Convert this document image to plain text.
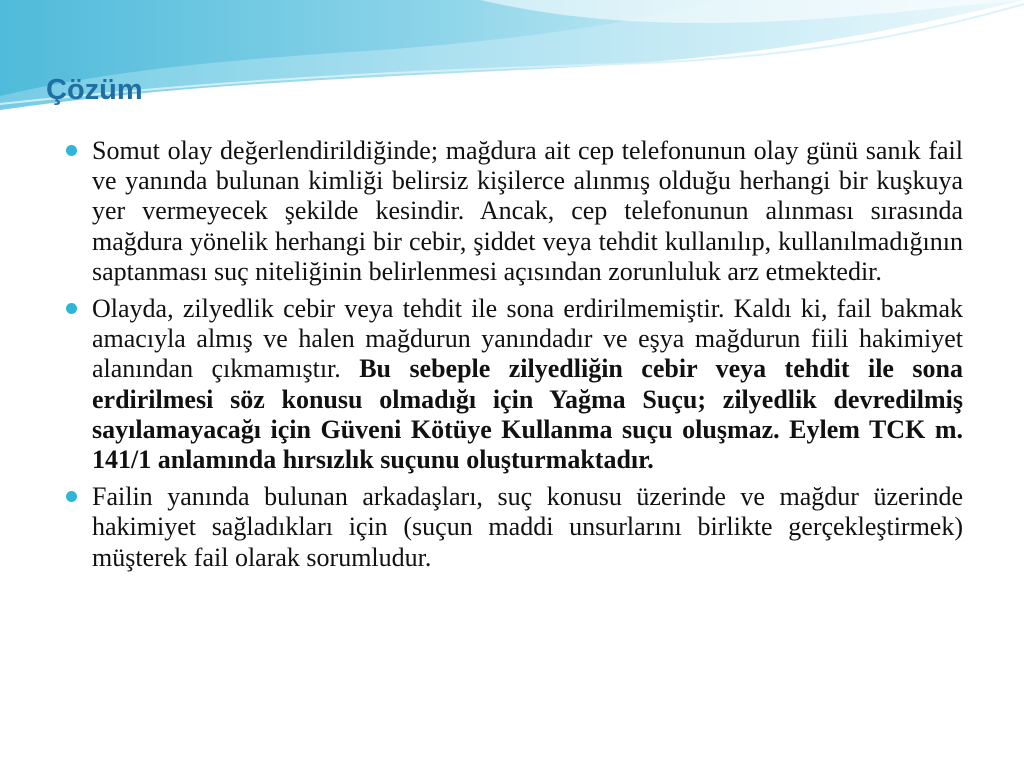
Çözüm
Somut olay değerlendirildiğinde; mağdura ait cep telefonunun olay günü sanık fail ve yanında bulunan kimliği belirsiz kişilerce alınmış olduğu herhangi bir kuşkuya yer vermeyecek şekilde kesindir. Ancak, cep telefonunun alınması sırasında mağdura yönelik herhangi bir cebir, şiddet veya tehdit kullanılıp, kullanılmadığının saptanması suç niteliğinin belirlenmesi açısından zorunluluk arz etmektedir.
Olayda, zilyedlik cebir veya tehdit ile sona erdirilmemiştir. Kaldı ki, fail bakmak amacıyla almış ve halen mağdurun yanındadır ve eşya mağdurun fiili hakimiyet alanından çıkmamıştır. Bu sebeple zilyedliğin cebir veya tehdit ile sona erdirilmesi söz konusu olmadığı için Yağma Suçu; zilyedlik devredilmiş sayılamayacağı için Güveni Kötüye Kullanma suçu oluşmaz. Eylem TCK m. 141/1 anlamında hırsızlık suçunu oluşturmaktadır.
Failin yanında bulunan arkadaşları, suç konusu üzerinde ve mağdur üzerinde hakimiyet sağladıkları için (suçun maddi unsurlarını birlikte gerçekleştirmek) müşterek fail olarak sorumludur.
